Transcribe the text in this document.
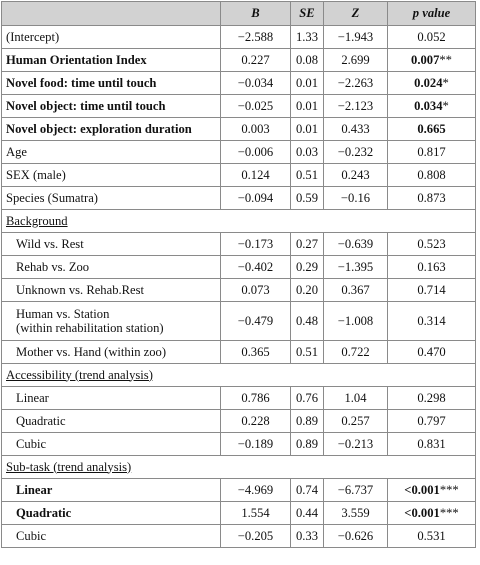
	B	SE	Z	p value
(Intercept)	−2.588	1.33	−1.943	0.052
Human Orientation Index	0.227	0.08	2.699	0.007**
Novel food: time until touch	−0.034	0.01	−2.263	0.024*
Novel object: time until touch	−0.025	0.01	−2.123	0.034*
Novel object: exploration duration	0.003	0.01	0.433	0.665
Age	−0.006	0.03	−0.232	0.817
SEX (male)	0.124	0.51	0.243	0.808
Species (Sumatra)	−0.094	0.59	−0.16	0.873
Background				
Wild vs. Rest	−0.173	0.27	−0.639	0.523
Rehab vs. Zoo	−0.402	0.29	−1.395	0.163
Unknown vs. Rehab.Rest	0.073	0.20	0.367	0.714

Human vs. Station
(within rehabilitation station)	−0.479	0.48	−1.008	0.314
Mother vs. Hand (within zoo)	0.365	0.51	0.722	0.470
Accessibility (trend analysis)				
Linear	0.786	0.76	1.04	0.298
Quadratic	0.228	0.89	0.257	0.797
Cubic	−0.189	0.89	−0.213	0.831
Sub-task (trend analysis)				
Linear	−4.969	0.74	−6.737	<0.001***
Quadratic	1.554	0.44	3.559	<0.001***
Cubic	−0.205	0.33	−0.626	0.531
